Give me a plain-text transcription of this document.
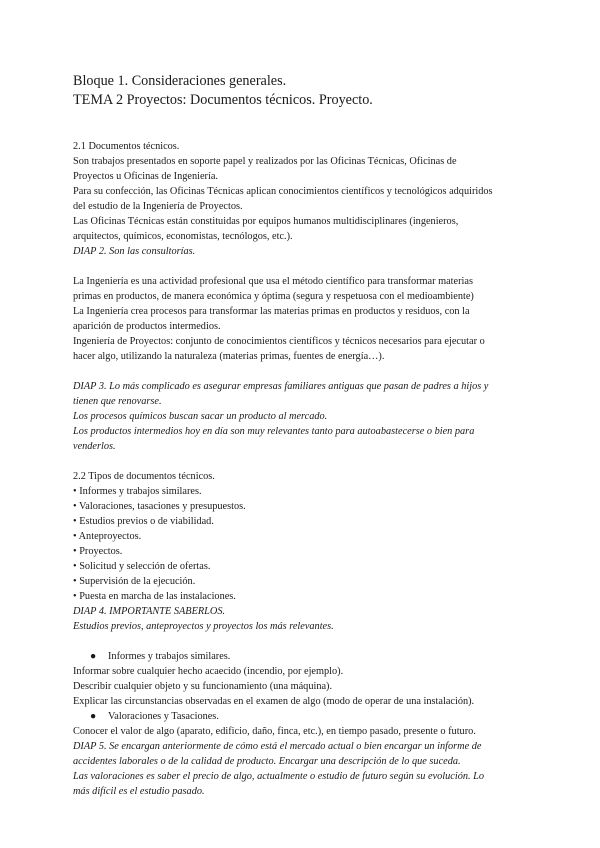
Bloque 1. Consideraciones generales.
TEMA 2 Proyectos: Documentos técnicos. Proyecto.

2.1 Documentos técnicos.

Son trabajos presentados en soporte papel y realizados por las Oficinas Técnicas, Oficinas de

Proyectos u Oficinas de Ingeniería.

Para su confección, las Oficinas Técnicas aplican conocimientos científicos y tecnológicos adquiridos

del estudio de la Ingeniería de Proyectos.

Las Oficinas Técnicas están constituidas por equipos humanos multidisciplinares (ingenieros,

arquitectos, químicos, economistas, tecnólogos, etc.).

DIAP 2. Son las consultorías.

La Ingeniería es una actividad profesional que usa el método científico para transformar materias

primas en productos, de manera económica y óptima (segura y respetuosa con el medioambiente)

La Ingeniería crea procesos para transformar las materias primas en productos y residuos, con la

aparición de productos intermedios.

Ingeniería de Proyectos: conjunto de conocimientos científicos y técnicos necesarios para ejecutar o

hacer algo, utilizando la naturaleza (materias primas, fuentes de energía…).

DIAP 3. Lo más complicado es asegurar empresas familiares antiguas que pasan de padres a hijos y

tienen que renovarse.

Los procesos químicos buscan sacar un producto al mercado.

Los productos intermedios hoy en día son muy relevantes tanto para autoabastecerse o bien para

venderlos.

2.2 Tipos de documentos técnicos.

• Informes y trabajos similares.

• Valoraciones, tasaciones y presupuestos.

• Estudios previos o de viabilidad.

• Anteproyectos.

• Proyectos.

• Solicitud y selección de ofertas.

• Supervisión de la ejecución.

• Puesta en marcha de las instalaciones.

DIAP 4. IMPORTANTE SABERLOS.

Estudios previos, anteproyectos y proyectos los más relevantes.

● Informes y trabajos similares.

Informar sobre cualquier hecho acaecido (incendio, por ejemplo).

Describir cualquier objeto y su funcionamiento (una máquina).

Explicar las circunstancias observadas en el examen de algo (modo de operar de una instalación).

● Valoraciones y Tasaciones.

Conocer el valor de algo (aparato, edificio, daño, finca, etc.), en tiempo pasado, presente o futuro.

DIAP 5. Se encargan anteriormente de cómo está el mercado actual o bien encargar un informe de

accidentes laborales o de la calidad de producto. Encargar una descripción de lo que suceda.

Las valoraciones es saber el precio de algo, actualmente o estudio de futuro según su evolución. Lo

más difícil es el estudio pasado.
